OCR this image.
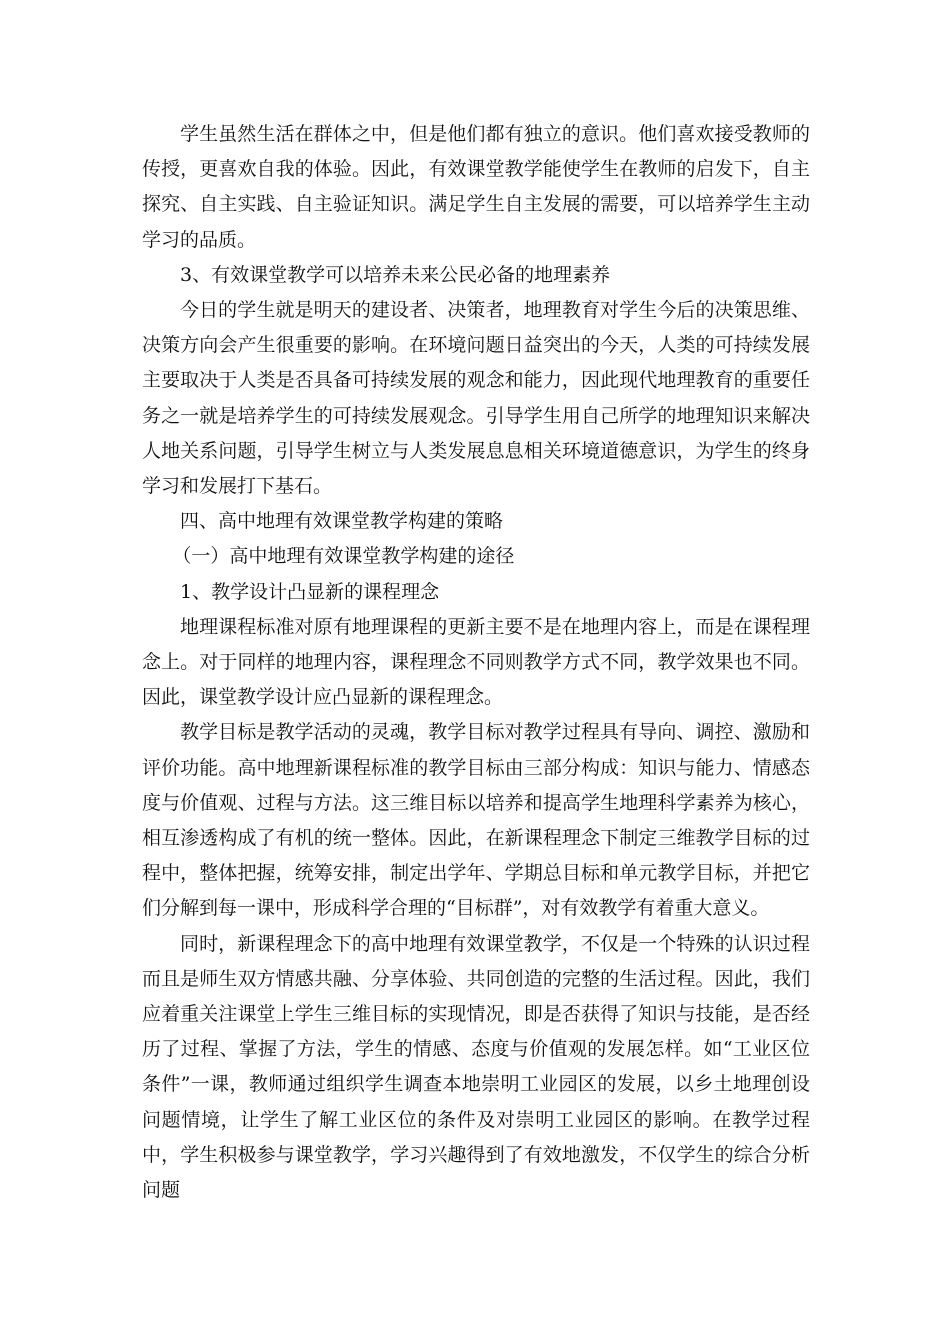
学生虽然生活在群体之中，但是他们都有独立的意识。他们喜欢接受教师的传授，更喜欢自我的体验。因此，有效课堂教学能使学生在教师的启发下，自主探究、自主实践、自主验证知识。满足学生自主发展的需要，可以培养学生主动学习的品质。

3、有效课堂教学可以培养未来公民必备的地理素养

今日的学生就是明天的建设者、决策者，地理教育对学生今后的决策思维、决策方向会产生很重要的影响。在环境问题日益突出的今天，人类的可持续发展主要取决于人类是否具备可持续发展的观念和能力，因此现代地理教育的重要任务之一就是培养学生的可持续发展观念。引导学生用自己所学的地理知识来解决人地关系问题，引导学生树立与人类发展息息相关环境道德意识，为学生的终身学习和发展打下基石。

四、高中地理有效课堂教学构建的策略

（一）高中地理有效课堂教学构建的途径

1、教学设计凸显新的课程理念

地理课程标准对原有地理课程的更新主要不是在地理内容上，而是在课程理念上。对于同样的地理内容，课程理念不同则教学方式不同，教学效果也不同。因此，课堂教学设计应凸显新的课程理念。

教学目标是教学活动的灵魂，教学目标对教学过程具有导向、调控、激励和评价功能。高中地理新课程标准的教学目标由三部分构成：知识与能力、情感态度与价值观、过程与方法。这三维目标以培养和提高学生地理科学素养为核心，相互渗透构成了有机的统一整体。因此，在新课程理念下制定三维教学目标的过程中，整体把握，统筹安排，制定出学年、学期总目标和单元教学目标，并把它们分解到每一课中，形成科学合理的“目标群”，对有效教学有着重大意义。

同时，新课程理念下的高中地理有效课堂教学，不仅是一个特殊的认识过程而且是师生双方情感共融、分享体验、共同创造的完整的生活过程。因此，我们应着重关注课堂上学生三维目标的实现情况，即是否获得了知识与技能，是否经历了过程、掌握了方法，学生的情感、态度与价值观的发展怎样。如“工业区位条件”一课，教师通过组织学生调查本地崇明工业园区的发展，以乡土地理创设问题情境，让学生了解工业区位的条件及对崇明工业园区的影响。在教学过程中，学生积极参与课堂教学，学习兴趣得到了有效地激发，不仅学生的综合分析问题
